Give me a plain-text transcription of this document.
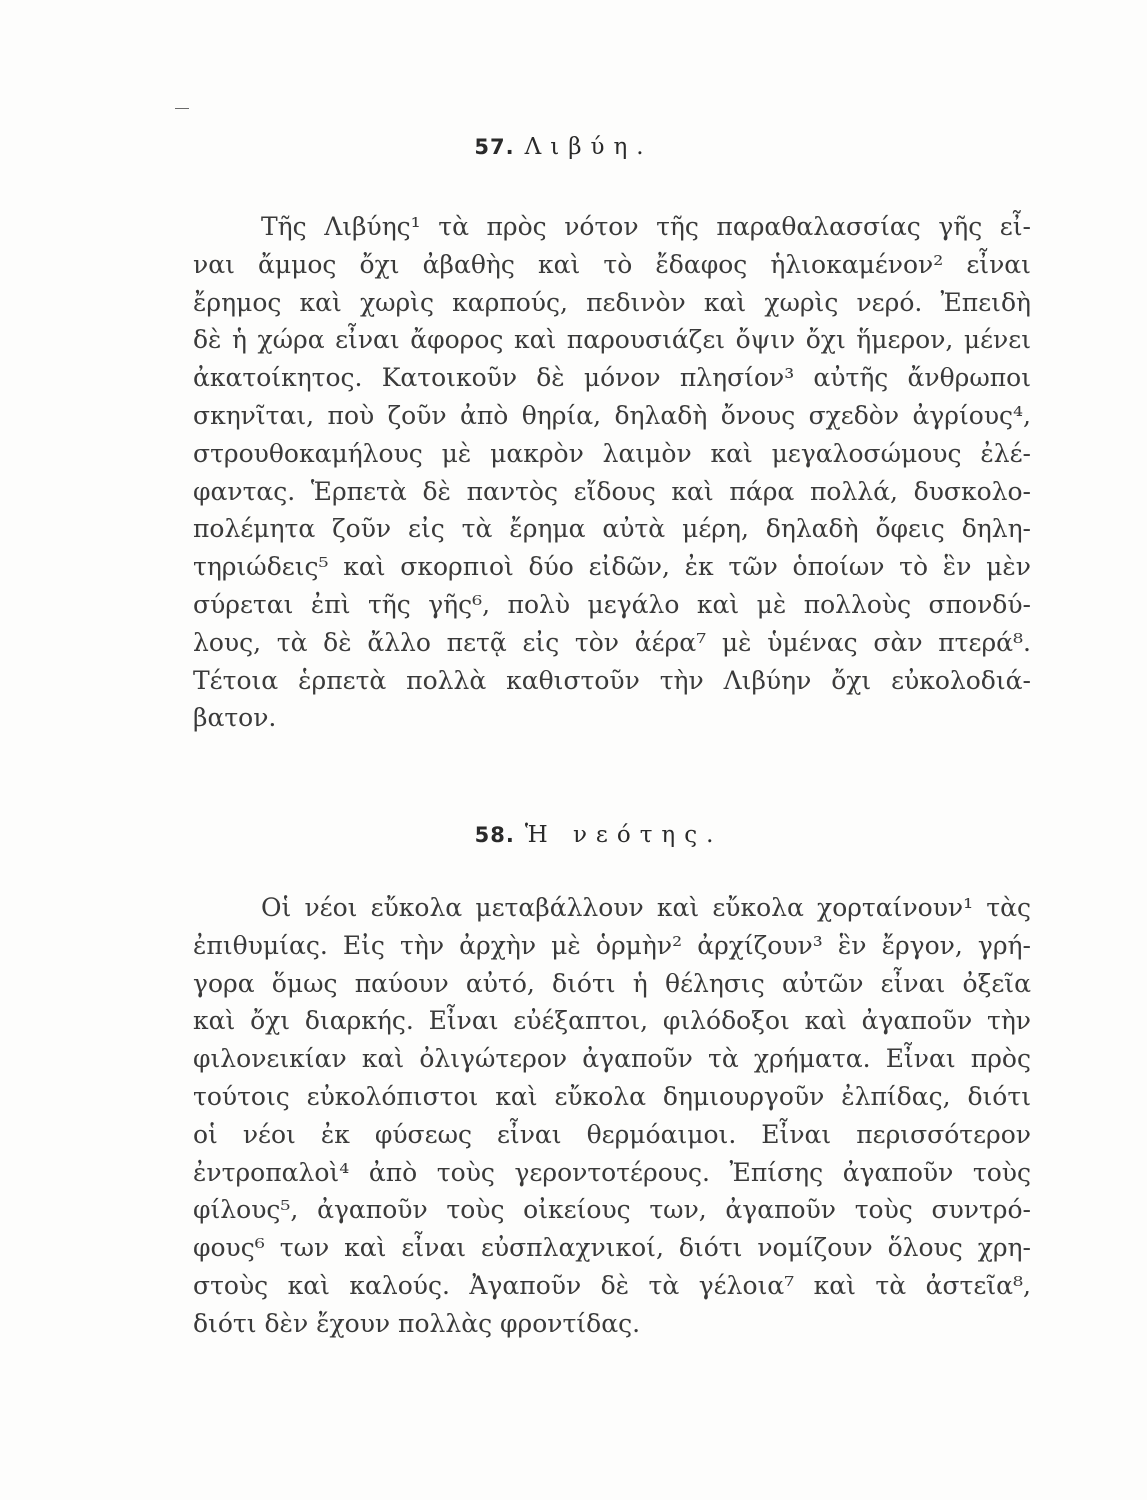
57. Λιβύη.
Τῆς Λιβύης¹ τὰ πρὸς νότον τῆς παραθαλασσίας γῆς εἶ-
ναι ἄμμος ὄχι ἀβαθὴς καὶ τὸ ἔδαφος ἡλιοκαμένον² εἶναι
ἔρημος καὶ χωρὶς καρπούς, πεδινὸν καὶ χωρὶς νερό. Ἐπειδὴ
δὲ ἡ χώρα εἶναι ἄφορος καὶ παρουσιάζει ὄψιν ὄχι ἥμερον, μένει
ἀκατοίκητος. Κατοικοῦν δὲ μόνον πλησίον³ αὐτῆς ἄνθρωποι
σκηνῖται, ποὺ ζοῦν ἀπὸ θηρία, δηλαδὴ ὄνους σχεδὸν ἀγρίους⁴,
στρουθοκαμήλους μὲ μακρὸν λαιμὸν καὶ μεγαλοσώμους ἐλέ-
φαντας. Ἑρπετὰ δὲ παντὸς εἴδους καὶ πάρα πολλά, δυσκολο-
πολέμητα ζοῦν εἰς τὰ ἔρημα αὐτὰ μέρη, δηλαδὴ ὄφεις δηλη-
τηριώδεις⁵ καὶ σκορπιοὶ δύο εἰδῶν, ἐκ τῶν ὁποίων τὸ ἓν μὲν
σύρεται ἐπὶ τῆς γῆς⁶, πολὺ μεγάλο καὶ μὲ πολλοὺς σπονδύ-
λους, τὰ δὲ ἄλλο πετᾷ εἰς τὸν ἀέρα⁷ μὲ ὑμένας σὰν πτερά⁸.
Τέτοια ἑρπετὰ πολλὰ καθιστοῦν τὴν Λιβύην ὄχι εὐκολοδιά-
βατον.
58. Ἡ νεότης.
Οἱ νέοι εὔκολα μεταβάλλουν καὶ εὔκολα χορταίνουν¹ τὰς
ἐπιθυμίας. Εἰς τὴν ἀρχὴν μὲ ὁρμὴν² ἀρχίζουν³ ἓν ἔργον, γρή-
γορα ὅμως παύουν αὐτό, διότι ἡ θέλησις αὐτῶν εἶναι ὀξεῖα
καὶ ὄχι διαρκής. Εἶναι εὐέξαπτοι, φιλόδοξοι καὶ ἀγαποῦν τὴν
φιλονεικίαν καὶ ὀλιγώτερον ἀγαποῦν τὰ χρήματα. Εἶναι πρὸς
τούτοις εὐκολόπιστοι καὶ εὔκολα δημιουργοῦν ἐλπίδας, διότι
οἱ νέοι ἐκ φύσεως εἶναι θερμόαιμοι. Εἶναι περισσότερον
ἐντροπαλοὶ⁴ ἀπὸ τοὺς γεροντοτέρους. Ἐπίσης ἀγαποῦν τοὺς
φίλους⁵, ἀγαποῦν τοὺς οἰκείους των, ἀγαποῦν τοὺς συντρό-
φους⁶ των καὶ εἶναι εὐσπλαχνικοί, διότι νομίζουν ὅλους χρη-
στοὺς καὶ καλούς. Ἀγαποῦν δὲ τὰ γέλοια⁷ καὶ τὰ ἀστεῖα⁸,
διότι δὲν ἔχουν πολλὰς φροντίδας.
